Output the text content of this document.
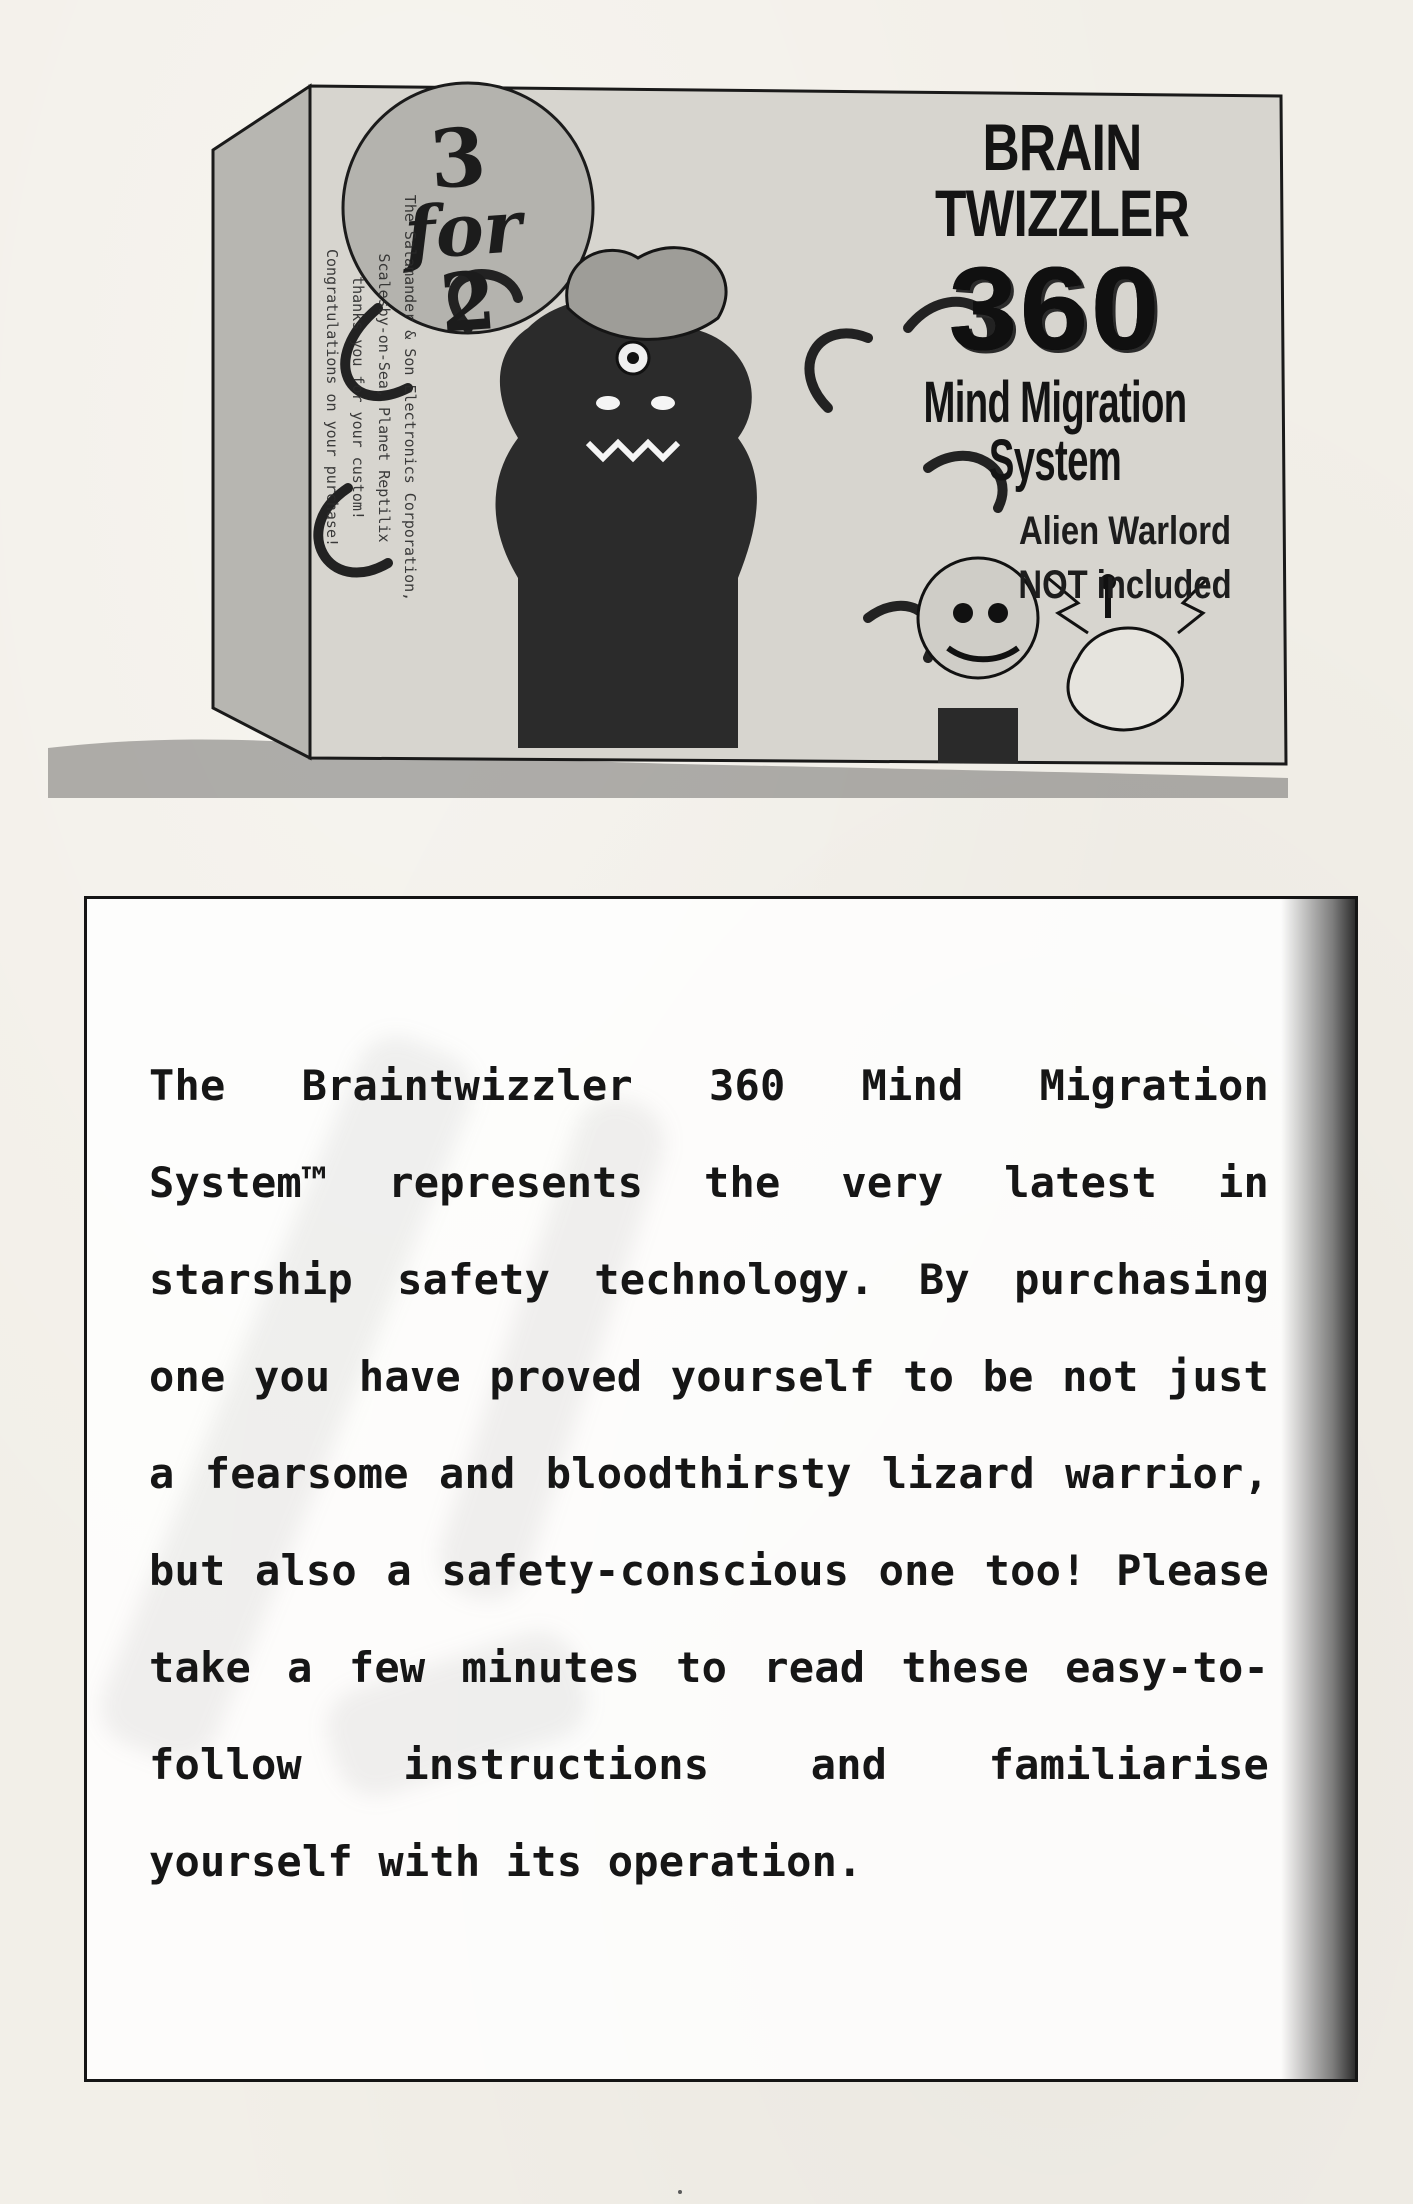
3
for
2
The Salamander & Son Electronics Corporation,
Scalesby-on-Sea, Planet Reptilix
thanks you for your custom!
Congratulations on your purchase!
BRAIN TWIZZLER
360
Mind Migration System
Alien Warlord
NOT included
The Braintwizzler 360 Mind Migration System™ represents the very latest in starship safety technology. By purchasing one you have proved yourself to be not just a fearsome and bloodthirsty lizard warrior, but also a safety-conscious one too! Please take a few minutes to read these easy-to-follow instructions and familiarise yourself with its operation.
